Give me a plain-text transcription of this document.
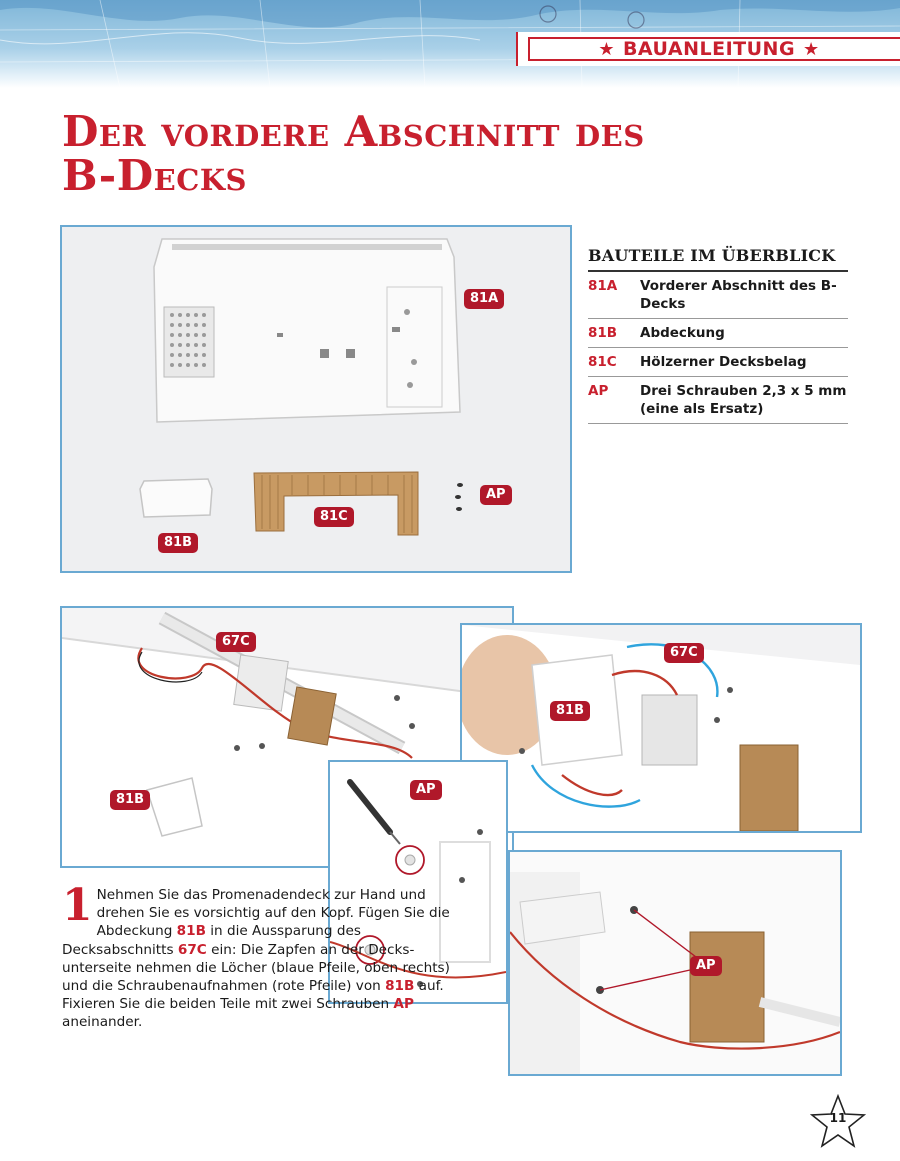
★ BAUANLEITUNG ★
Der vordere Abschnitt des
B-Decks
81A
81B
81C
AP
BAUTEILE IM ÜBERBLICK
81A	Vorderer Abschnitt des B-Decks
81B	Abdeckung
81C	Hölzerner Decksbelag
AP	Drei Schrauben 2,3 x 5 mm (eine als Ersatz)
67C
81B
67C
81B
AP
AP
1 Nehmen Sie das Promenadendeck zur Hand und drehen Sie es vorsichtig auf den Kopf. Fügen Sie die Abdeckung 81B in die Aussparung des Decksabschnitts 67C ein: Die Zapfen an der Decksunterseite nehmen die Löcher (blaue Pfeile, oben rechts) und die Schraubenaufnahmen (rote Pfeile) von 81B auf. Fixieren Sie die beiden Teile mit zwei Schrauben AP aneinander.
11
